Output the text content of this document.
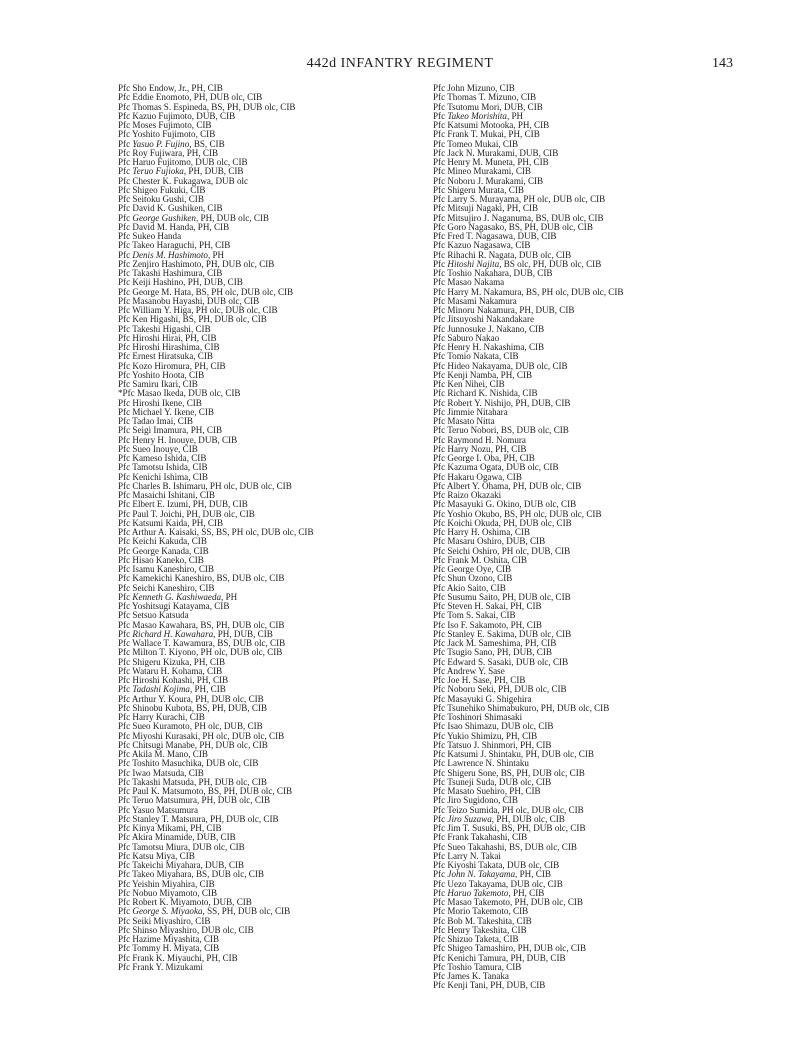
442d INFANTRY REGIMENT	143
Pfc Sho Endow, Jr., PH, CIB
Pfc Eddie Enomoto, PH, DUB olc, CIB
Pfc Thomas S. Espineda, BS, PH, DUB olc, CIB
Pfc Kazuo Fujimoto, DUB, CIB
Pfc Moses Fujimoto, CIB
Pfc Yoshito Fujimoto, CIB
Pfc Yasuo P. Fujino, BS, CIB
Pfc Roy Fujiwara, PH, CIB
Pfc Haruo Fujitomo, DUB olc, CIB
Pfc Teruo Fujioka, PH, DUB, CIB
Pfc Chester K. Fukagawa, DUB olc
Pfc Shigeo Fukuki, CIB
Pfc Seitoku Gushi, CIB
Pfc David K. Gushiken, CIB
Pfc George Gushiken, PH, DUB olc, CIB
Pfc David M. Handa, PH, CIB
Pfc Sukeo Handa
Pfc Takeo Haraguchi, PH, CIB
Pfc Denis M. Hashimoto, PH
Pfc Zenjiro Hashimoto, PH, DUB olc, CIB
Pfc Takashi Hashimura, CIB
Pfc Keiji Hashino, PH, DUB, CIB
Pfc George M. Hata, BS, PH olc, DUB olc, CIB
Pfc Masanobu Hayashi, DUB olc, CIB
Pfc William Y. Higa, PH olc, DUB olc, CIB
Pfc Ken Higashi, BS, PH, DUB olc, CIB
Pfc Takeshi Higashi, CIB
Pfc Hiroshi Hirai, PH, CIB
Pfc Hiroshi Hirashima, CIB
Pfc Ernest Hiratsuka, CIB
Pfc Kozo Hiromura, PH, CIB
Pfc Yoshito Hoota, CIB
Pfc Samiru Ikari, CIB
*Pfc Masao Ikeda, DUB olc, CIB
Pfc Hiroshi Ikene, CIB
Pfc Michael Y. Ikene, CIB
Pfc Tadao Imai, CIB
Pfc Seigi Imamura, PH, CIB
Pfc Henry H. Inouye, DUB, CIB
Pfc Sueo Inouye, CIB
Pfc Kameso Ishida, CIB
Pfc Tamotsu Ishida, CIB
Pfc Kenichi Ishima, CIB
Pfc Charles B. Ishimaru, PH olc, DUB olc, CIB
Pfc Masaichi Ishitani, CIB
Pfc Elbert E. Izumi, PH, DUB, CIB
Pfc Paul T. Joichi, PH, DUB olc, CIB
Pfc Katsumi Kaida, PH, CIB
Pfc Arthur A. Kaisaki, SS, BS, PH olc, DUB olc, CIB
Pfc Keichi Kakuda, CIB
Pfc George Kanada, CIB
Pfc Hisao Kaneko, CIB
Pfc Isamu Kaneshiro, CIB
Pfc Kamekichi Kaneshiro, BS, DUB olc, CIB
Pfc Seichi Kaneshiro, CIB
Pfc Kenneth G. Kashiwaeda, PH
Pfc Yoshitsugi Katayama, CIB
Pfc Setsuo Katsuda
Pfc Masao Kawahara, BS, PH, DUB olc, CIB
Pfc Richard H. Kawahara, PH, DUB, CIB
Pfc Wallace T. Kawamura, BS, DUB olc, CIB
Pfc Milton T. Kiyono, PH olc, DUB olc, CIB
Pfc Shigeru Kizuka, PH, CIB
Pfc Wataru H. Kohama, CIB
Pfc Hiroshi Kohashi, PH, CIB
Pfc Tadashi Kojima, PH, CIB
Pfc Arthur Y. Koura, PH, DUB olc, CIB
Pfc Shinobu Kubota, BS, PH, DUB, CIB
Pfc Harry Kurachi, CIB
Pfc Sueo Kuramoto, PH olc, DUB, CIB
Pfc Miyoshi Kurasaki, PH olc, DUB olc, CIB
Pfc Chitsugi Manabe, PH, DUB olc, CIB
Pfc Akila M. Mano, CIB
Pfc Toshito Masuchika, DUB olc, CIB
Pfc Iwao Matsuda, CIB
Pfc Takashi Matsuda, PH, DUB olc, CIB
Pfc Paul K. Matsumoto, BS, PH, DUB olc, CIB
Pfc Teruo Matsumura, PH, DUB olc, CIB
Pfc Yasuo Matsumura
Pfc Stanley T. Matsuura, PH, DUB olc, CIB
Pfc Kinya Mikami, PH, CIB
Pfc Akira Minamide, DUB, CIB
Pfc Tamotsu Miura, DUB olc, CIB
Pfc Katsu Miya, CIB
Pfc Takeichi Miyahara, DUB, CIB
Pfc Takeo Miyahara, BS, DUB olc, CIB
Pfc Yeishin Miyahira, CIB
Pfc Nobuo Miyamoto, CIB
Pfc Robert K. Miyamoto, DUB, CIB
Pfc George S. Miyaoka, SS, PH, DUB olc, CIB
Pfc Seiki Miyashiro, CIB
Pfc Shinso Miyashiro, DUB olc, CIB
Pfc Hazime Miyashita, CIB
Pfc Tommy H. Miyata, CIB
Pfc Frank K. Miyauchi, PH, CIB
Pfc Frank Y. Mizukami
Pfc John Mizuno, CIB
Pfc Thomas T. Mizuno, CIB
Pfc Tsutomu Mori, DUB, CIB
Pfc Takeo Morishita, PH
Pfc Katsumi Motooka, PH, CIB
Pfc Frank T. Mukai, PH, CIB
Pfc Tomeo Mukai, CIB
Pfc Jack N. Murakami, DUB, CIB
Pfc Henry M. Muneta, PH, CIB
Pfc Mineo Murakami, CIB
Pfc Noboru J. Murakami, CIB
Pfc Shigeru Murata, CIB
Pfc Larry S. Murayama, PH olc, DUB olc, CIB
Pfc Mitsuji Nagaki, PH, CIB
Pfc Mitsujiro J. Naganuma, BS, DUB olc, CIB
Pfc Goro Nagasako, BS, PH, DUB olc, CIB
Pfc Fred T. Nagasawa, DUB, CIB
Pfc Kazuo Nagasawa, CIB
Pfc Rihachi R. Nagata, DUB olc, CIB
Pfc Hitoshi Najita, BS olc, PH, DUB olc, CIB
Pfc Toshio Nakahara, DUB, CIB
Pfc Masao Nakama
Pfc Harry M. Nakamura, BS, PH olc, DUB olc, CIB
Pfc Masami Nakamura
Pfc Minoru Nakamura, PH, DUB, CIB
Pfc Jitsuyoshi Nakandakare
Pfc Junnosuke J. Nakano, CIB
Pfc Saburo Nakao
Pfc Henry H. Nakashima, CIB
Pfc Tomio Nakata, CIB
Pfc Hideo Nakayama, DUB olc, CIB
Pfc Kenji Namba, PH, CIB
Pfc Ken Nihei, CIB
Pfc Richard K. Nishida, CIB
Pfc Robert Y. Nishijo, PH, DUB, CIB
Pfc Jimmie Nitahara
Pfc Masato Nitta
Pfc Teruo Nobori, BS, DUB olc, CIB
Pfc Raymond H. Nomura
Pfc Harry Nozu, PH, CIB
Pfc George I. Oba, PH, CIB
Pfc Kazuma Ogata, DUB olc, CIB
Pfc Hakaru Ogawa, CIB
Pfc Albert Y. Ohama, PH, DUB olc, CIB
Pfc Raizo Okazaki
Pfc Masayuki G. Okino, DUB olc, CIB
Pfc Yoshio Okubo, BS, PH olc, DUB olc, CIB
Pfc Koichi Okuda, PH, DUB olc, CIB
Pfc Harry H. Oshima, CIB
Pfc Masaru Oshiro, DUB, CIB
Pfc Seichi Oshiro, PH olc, DUB, CIB
Pfc Frank M. Oshita, CIB
Pfc George Oye, CIB
Pfc Shun Ozono, CIB
Pfc Akio Saito, CIB
Pfc Susumu Saito, PH, DUB olc, CIB
Pfc Steven H. Sakai, PH, CIB
Pfc Tom S. Sakai, CIB
Pfc Iso F. Sakamoto, PH, CIB
Pfc Stanley E. Sakima, DUB olc, CIB
Pfc Jack M. Sameshima, PH, CIB
Pfc Tsugio Sano, PH, DUB, CIB
Pfc Edward S. Sasaki, DUB olc, CIB
Pfc Andrew Y. Sase
Pfc Joe H. Sase, PH, CIB
Pfc Noboru Seki, PH, DUB olc, CIB
Pfc Masayuki G. Shigehira
Pfc Tsunehiko Shimabukuro, PH, DUB olc, CIB
Pfc Toshinori Shimasaki
Pfc Isao Shimazu, DUB olc, CIB
Pfc Yukio Shimizu, PH, CIB
Pfc Tatsuo J. Shinmori, PH, CIB
Pfc Katsumi J. Shintaku, PH, DUB olc, CIB
Pfc Lawrence N. Shintaku
Pfc Shigeru Sone, BS, PH, DUB olc, CIB
Pfc Tsuneji Suda, DUB olc, CIB
Pfc Masato Suehiro, PH, CIB
Pfc Jiro Sugidono, CIB
Pfc Teizo Sumida, PH olc, DUB olc, CIB
Pfc Jiro Suzawa, PH, DUB olc, CIB
Pfc Jim T. Susuki, BS, PH, DUB olc, CIB
Pfc Frank Takahashi, CIB
Pfc Sueo Takahashi, BS, DUB olc, CIB
Pfc Larry N. Takai
Pfc Kiyoshi Takata, DUB olc, CIB
Pfc John N. Takayama, PH, CIB
Pfc Uezo Takayama, DUB olc, CIB
Pfc Haruo Takemoto, PH, CIB
Pfc Masao Takemoto, PH, DUB olc, CIB
Pfc Morio Takemoto, CIB
Pfc Bob M. Takeshita, CIB
Pfc Henry Takeshita, CIB
Pfc Shizuo Taketa, CIB
Pfc Shigeo Tamashiro, PH, DUB olc, CIB
Pfc Kenichi Tamura, PH, DUB, CIB
Pfc Toshio Tamura, CIB
Pfc James K. Tanaka
Pfc Kenji Tani, PH, DUB, CIB
